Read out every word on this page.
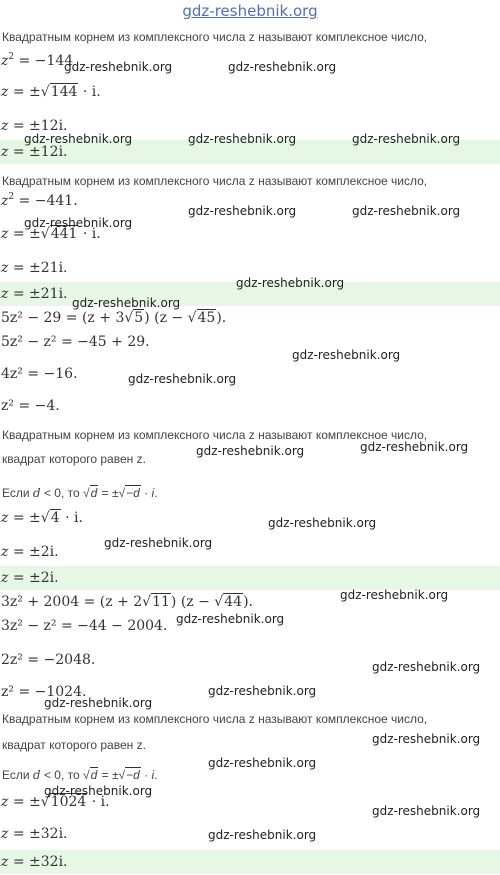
gdz-reshebnik.org
Квадратным корнем из комплексного числа z называют комплексное число,
$z^2 = -144$
z = ±√144 · i.
z = ±12i.
z = ±12i.
Квадратным корнем из комплексного числа z называют комплексное число,
$z^2 = -441$.
z = ±√441 · i.
z = ±21i.
z = ±21i.
5z² − 29 = (z + 3√5) (z − √45).
5z² − z² = −45 + 29.
4z² = −16.
z² = −4.
Квадратным корнем из комплексного числа z называют комплексное число,
квадрат которого равен z.
Если d < 0, то √d = ±√−d · i.
z = ±√4 · i.
z = ±2i.
z = ±2i.
3z² + 2004 = (z + 2√11) (z − √44).
3z² − z² = −44 − 2004.
2z² = −2048.
z² = −1024.
Квадратным корнем из комплексного числа z называют комплексное число,
квадрат которого равен z.
Если d < 0, то √d = ±√−d · i.
z = ±√1024 · i.
z = ±32i.
z = ±32i.
gdz-reshebnik.org	gdz-reshebnik.org
gdz-reshebnik.org	gdz-reshebnik.org	gdz-reshebnik.org
gdz-reshebnik.org	gdz-reshebnik.org
gdz-reshebnik.org
gdz-reshebnik.org
gdz-reshebnik.org
gdz-reshebnik.org
gdz-reshebnik.org
gdz-reshebnik.org
gdz-reshebnik.org
gdz-reshebnik.org
gdz-reshebnik.org
gdz-reshebnik.org
gdz-reshebnik.org
gdz-reshebnik.org
gdz-reshebnik.org
gdz-reshebnik.org
gdz-reshebnik.org
gdz-reshebnik.org
gdz-reshebnik.org
gdz-reshebnik.org
gdz-reshebnik.org
